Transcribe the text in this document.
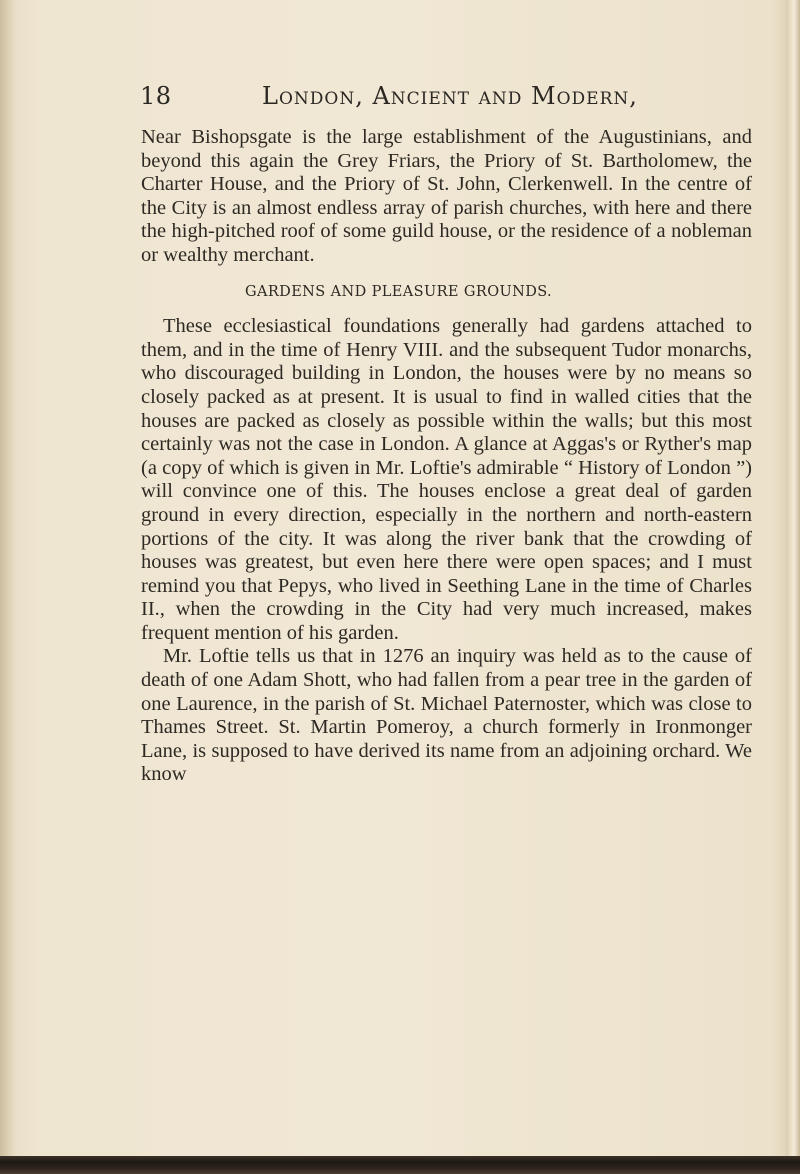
18	London, Ancient and Modern,

Near Bishopsgate is the large establishment of the Augustinians, and beyond this again the Grey Friars, the Priory of St. Bartholomew, the Charter House, and the Priory of St. John, Clerkenwell. In the centre of the City is an almost endless array of parish churches, with here and there the high-pitched roof of some guild house, or the residence of a nobleman or wealthy merchant.

GARDENS AND PLEASURE GROUNDS.

These ecclesiastical foundations generally had gardens attached to them, and in the time of Henry VIII. and the subsequent Tudor monarchs, who discouraged building in London, the houses were by no means so closely packed as at present. It is usual to find in walled cities that the houses are packed as closely as possible within the walls; but this most certainly was not the case in London. A glance at Aggas's or Ryther's map (a copy of which is given in Mr. Loftie's admirable “ History of London ”) will convince one of this. The houses enclose a great deal of garden ground in every direction, especially in the northern and north-eastern portions of the city. It was along the river bank that the crowding of houses was greatest, but even here there were open spaces; and I must remind you that Pepys, who lived in Seething Lane in the time of Charles II., when the crowding in the City had very much increased, makes frequent mention of his garden.

Mr. Loftie tells us that in 1276 an inquiry was held as to the cause of death of one Adam Shott, who had fallen from a pear tree in the garden of one Laurence, in the parish of St. Michael Paternoster, which was close to Thames Street. St. Martin Pomeroy, a church formerly in Ironmonger Lane, is supposed to have derived its name from an adjoining orchard. We know
